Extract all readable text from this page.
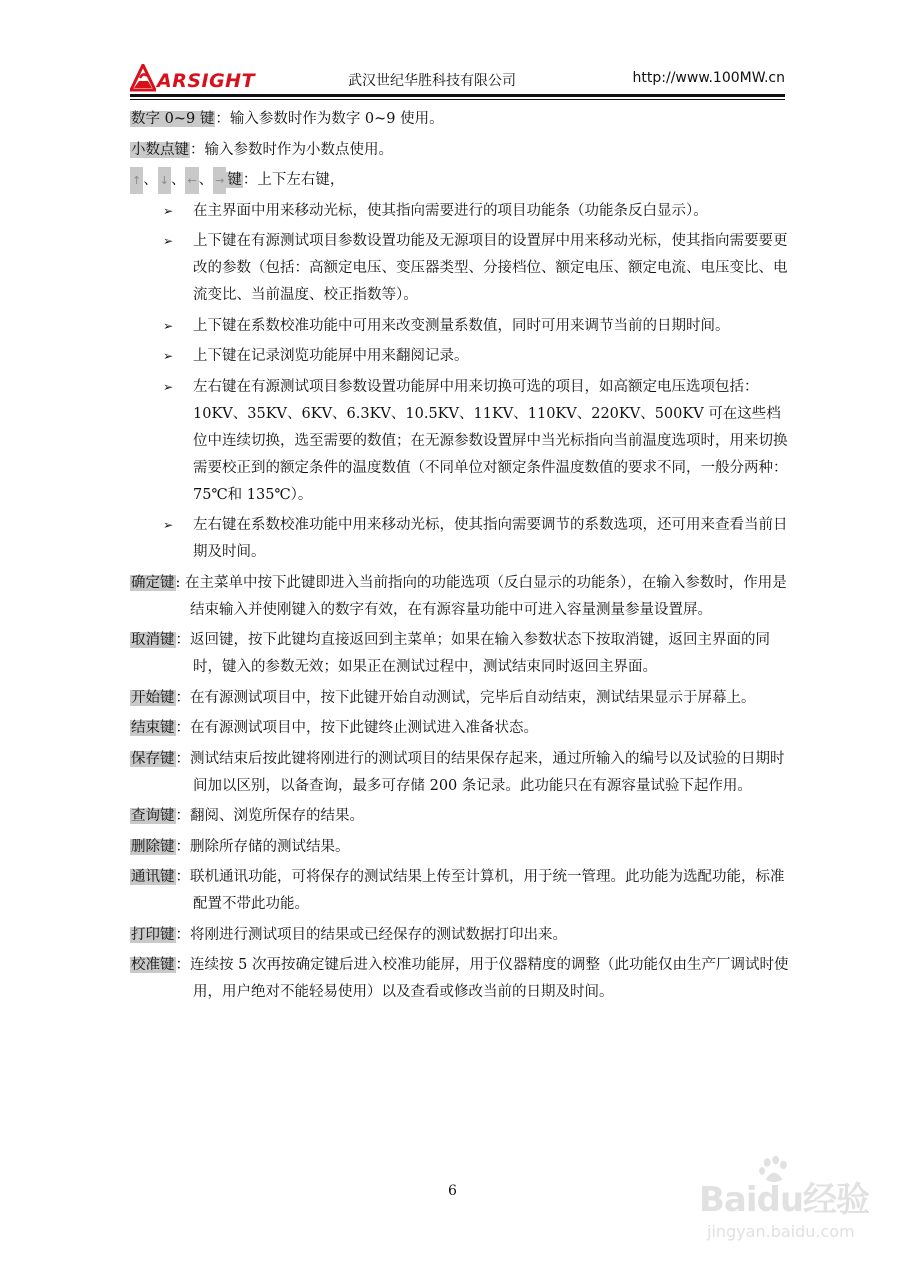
ARSIGHT	武汉世纪华胜科技有限公司	http://www.100MW.cn

数字 0~9 键：输入参数时作为数字 0~9 使用。

小数点键：输入参数时作为小数点使用。

↑ 、 ↓ 、 ← 、 → 键：上下左右键，

➢ 在主界面中用来移动光标，使其指向需要进行的项目功能条（功能条反白显示）。

➢ 上下键在有源测试项目参数设置功能及无源项目的设置屏中用来移动光标，使其指向需要要更改的参数（包括：高额定电压、变压器类型、分接档位、额定电压、额定电流、电压变比、电流变比、当前温度、校正指数等）。

➢ 上下键在系数校准功能中可用来改变测量系数值，同时可用来调节当前的日期时间。

➢ 上下键在记录浏览功能屏中用来翻阅记录。

➢ 左右键在有源测试项目参数设置功能屏中用来切换可选的项目，如高额定电压选项包括：10KV、35KV、6KV、6.3KV、10.5KV、11KV、110KV、220KV、500KV 可在这些档位中连续切换，选至需要的数值；在无源参数设置屏中当光标指向当前温度选项时，用来切换需要校正到的额定条件的温度数值（不同单位对额定条件温度数值的要求不同，一般分两种：75℃和 135℃）。

➢ 左右键在系数校准功能中用来移动光标，使其指向需要调节的系数选项，还可用来查看当前日期及时间。

确定键: 在主菜单中按下此键即进入当前指向的功能选项（反白显示的功能条），在输入参数时，作用是结束输入并使刚键入的数字有效，在有源容量功能中可进入容量测量参量设置屏。

取消键：返回键，按下此键均直接返回到主菜单；如果在输入参数状态下按取消键，返回主界面的同时，键入的参数无效；如果正在测试过程中，测试结束同时返回主界面。

开始键：在有源测试项目中，按下此键开始自动测试，完毕后自动结束，测试结果显示于屏幕上。

结束键：在有源测试项目中，按下此键终止测试进入准备状态。

保存键：测试结束后按此键将刚进行的测试项目的结果保存起来，通过所输入的编号以及试验的日期时间加以区别，以备查询，最多可存储 200 条记录。此功能只在有源容量试验下起作用。

查询键：翻阅、浏览所保存的结果。

删除键：删除所存储的测试结果。

通讯键：联机通讯功能，可将保存的测试结果上传至计算机，用于统一管理。此功能为选配功能，标准配置不带此功能。

打印键：将刚进行测试项目的结果或已经保存的测试数据打印出来。

校准键：连续按 5 次再按确定键后进入校准功能屏，用于仪器精度的调整（此功能仅由生产厂调试时使用，用户绝对不能轻易使用）以及查看或修改当前的日期及时间。

6	Baidu经验
jingyan.baidu.com
